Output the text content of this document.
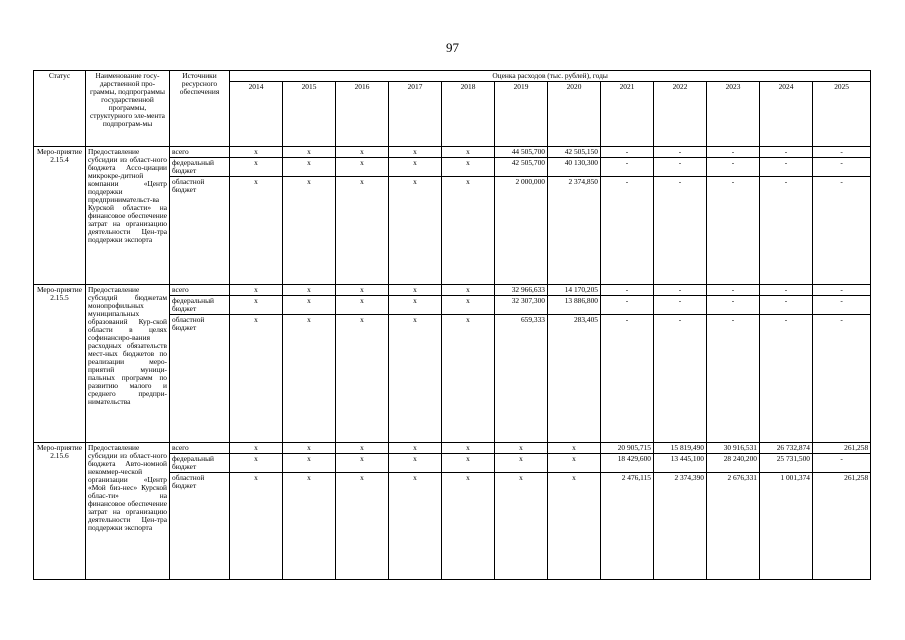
97
Статус	Наименование госу-дарственной про-граммы, подпрограммы государственной программы, структурного эле-мента подпрограм-мы	Источники ресурсного обеспечения	Оценка расходов (тыс. рублей), годы											
			2014	2015	2016	2017	2018	2019	2020	2021	2022	2023	2024	2025
Меро-приятие 2.15.4	Предоставление субсидии из област-ного бюджета Ассо-циации микрокре-дитной компании «Центр поддержки предпринимательст-ва Курской области» на финансовое обеспечение затрат на организацию деятельности Цен-тра поддержки экспорта	всего	x	x	x	x	x	44 505,700	42 505,150	-	-	-	-	-
		федеральный бюджет	x	x	x	x	x	42 505,700	40 130,300	-	-	-	-	-
		областной бюджет	x	x	x	x	x	2 000,000	2 374,850	-	-	-	-	-
Меро-приятие 2.15.5	Предоставление субсидий бюджетам монопрофильных муниципальных образований Кур-ской области в целях софинансиро-вания расходных обязательств мест-ных бюджетов по реализации меро-приятий муници-пальных программ по развитию малого и среднего предпри-нимательства	всего	x	x	x	x	x	32 966,633	14 170,205	-	-	-	-	-
		федеральный бюджет	x	x	x	x	x	32 307,300	13 886,800	-	-	-	-	-
		областной бюджет	x	x	x	x	x	659,333	283,405	-	-	-	-	-
Меро-приятие 2.15.6	Предоставление субсидии из област-ного бюджета Авто-номной некоммер-ческой организации «Центр «Мой биз-нес» Курской облас-ти» на финансовое обеспечение затрат на организацию деятельности Цен-тра поддержки экспорта	всего	x	x	x	x	x	x	x	20 905,715	15 819,490	30 916,531	26 732,874	261,258
		федеральный бюджет	x	x	x	x	x	x	x	18 429,600	13 445,100	28 240,200	25 731,500	-
		областной бюджет	x	x	x	x	x	x	x	2 476,115	2 374,390	2 676,331	1 001,374	261,258
